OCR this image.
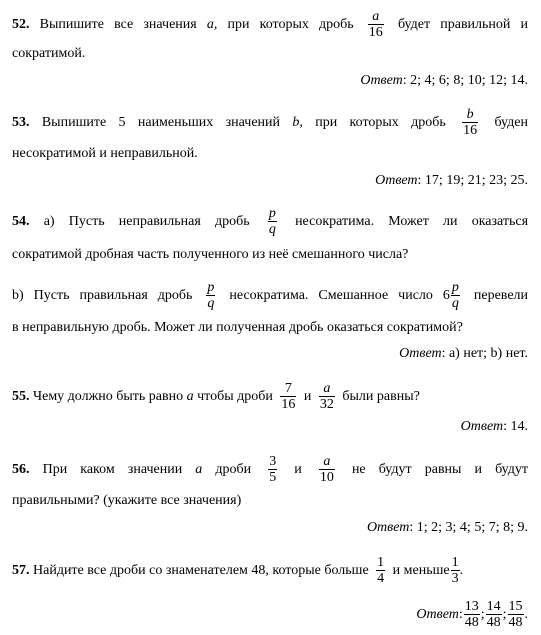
52. Выпишите все значения a, при которых дробь $\frac{a}{16}$ будет правильной и
сократимой.
Ответ: 2; 4; 6; 8; 10; 12; 14.
53. Выпишите 5 наименьших значений b, при которых дробь $\frac{b}{16}$ буден
несократимой и неправильной.
Ответ: 17; 19; 21; 23; 25.
54. а) Пусть неправильная дробь $\frac{p}{q}$ несократима. Может ли оказаться
сократимой дробная часть полученного из неё смешанного числа?
b) Пусть правильная дробь $\frac{p}{q}$ несократима. Смешанное число $6 \frac{p}{q}$ перевели
в неправильную дробь. Может ли полученная дробь оказаться сократимой?
Ответ: а) нет; b) нет.
55. Чему должно быть равно a чтобы дроби $\frac{7}{16}$ и $\frac{a}{32}$ были равны?
Ответ: 14.
56. При каком значении a дроби $\frac{3}{5}$ и $\frac{a}{10}$ не будут равны и будут
правильными? (укажите все значения)
Ответ: 1; 2; 3; 4; 5; 7; 8; 9.
57. Найдите все дроби со знаменателем 48, которые больше $\frac{1}{4}$ и меньше $\frac{1}{3}$ .
Ответ: $\frac{13}{48}$ ; $\frac{14}{48}$ ; $\frac{15}{48}$ .
